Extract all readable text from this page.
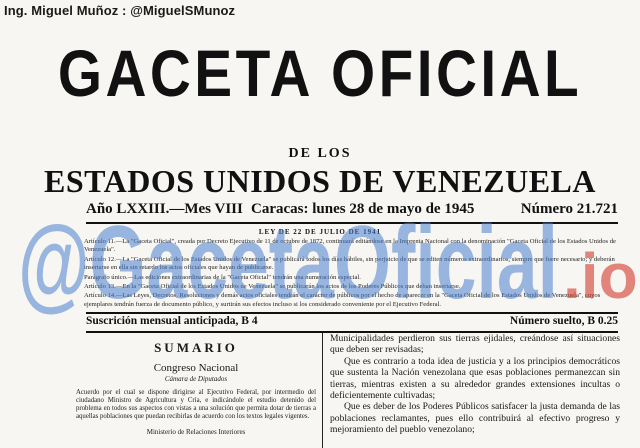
Ing. Miguel Muñoz : @MiguelSMunoz
GACETA OFICIAL
DE LOS
ESTADOS UNIDOS DE VENEZUELA
Año LXXIII.—Mes VIII Caracas: lunes 28 de mayo de 1945	Número 21.721
LEY DE 22 DE JULIO DE 1941

Artículo 11.—La "Gaceta Oficial", creada por Decreto Ejecutivo de 11 de octubre de 1872, continuará editándose en la Imprenta Nacional con la denominación "Gaceta Oficial de los Estados Unidos de Venezuela".

Artículo 12.—La "Gaceta Oficial de los Estados Unidos de Venezuela" se publicará todos los días hábiles, sin perjuicio de que se editen números extraordinarios, siempre que fuere necesario; y deberán insertarse en ella sin retardo los actos oficiales que hayan de publicarse.

Parágrafo único.—Las ediciones extraordinarias de la "Gaceta Oficial" tendrán una numeración especial.

Artículo 13.—En la "Gaceta Oficial de los Estados Unidos de Venezuela" se publicarán los actos de los Poderes Públicos que deban insertarse.

Artículo 14.—Las Leyes, Decretos, Resoluciones y demás actos oficiales tendrán el carácter de públicos por el hecho de aparecer en la "Gaceta Oficial de los Estados Unidos de Venezuela", cuyos ejemplares tendrán fuerza de documento público, y surtirán sus efectos incluso si los considerado conveniente por el Ejecutivo Federal.

Suscrición mensual anticipada, B 4	Número suelto, B 0.25
SUMARIO
Congreso Nacional
Cámara de Diputados

Acuerdo por el cual se dispone dirigirse al Ejecutivo Federal, por intermedio del ciudadano Ministro de Agricultura y Cría, e indicándole el estudio detenido del problema en todos sus aspectos con vistas a una solución que permita dotar de tierras a aquellas poblaciones que puedan recibirlas de acuerdo con los textos legales vigentes.

Ministerio de Relaciones Interiores

Municipalidades perdieron sus tierras ejidales, creándose así situaciones que deben ser revisadas;

Que es contrario a toda idea de justicia y a los principios democráticos que sustenta la Nación venezolana que esas poblaciones permanezcan sin tierras, mientras existen a su alrededor grandes extensiones incultas o deficientemente cultivadas;

Que es deber de los Poderes Públicos satisfacer la justa demanda de las poblaciones reclamantes, pues ello contribuirá al efectivo progreso y mejoramiento del pueblo venezolano;

@GacetaOficial .io
